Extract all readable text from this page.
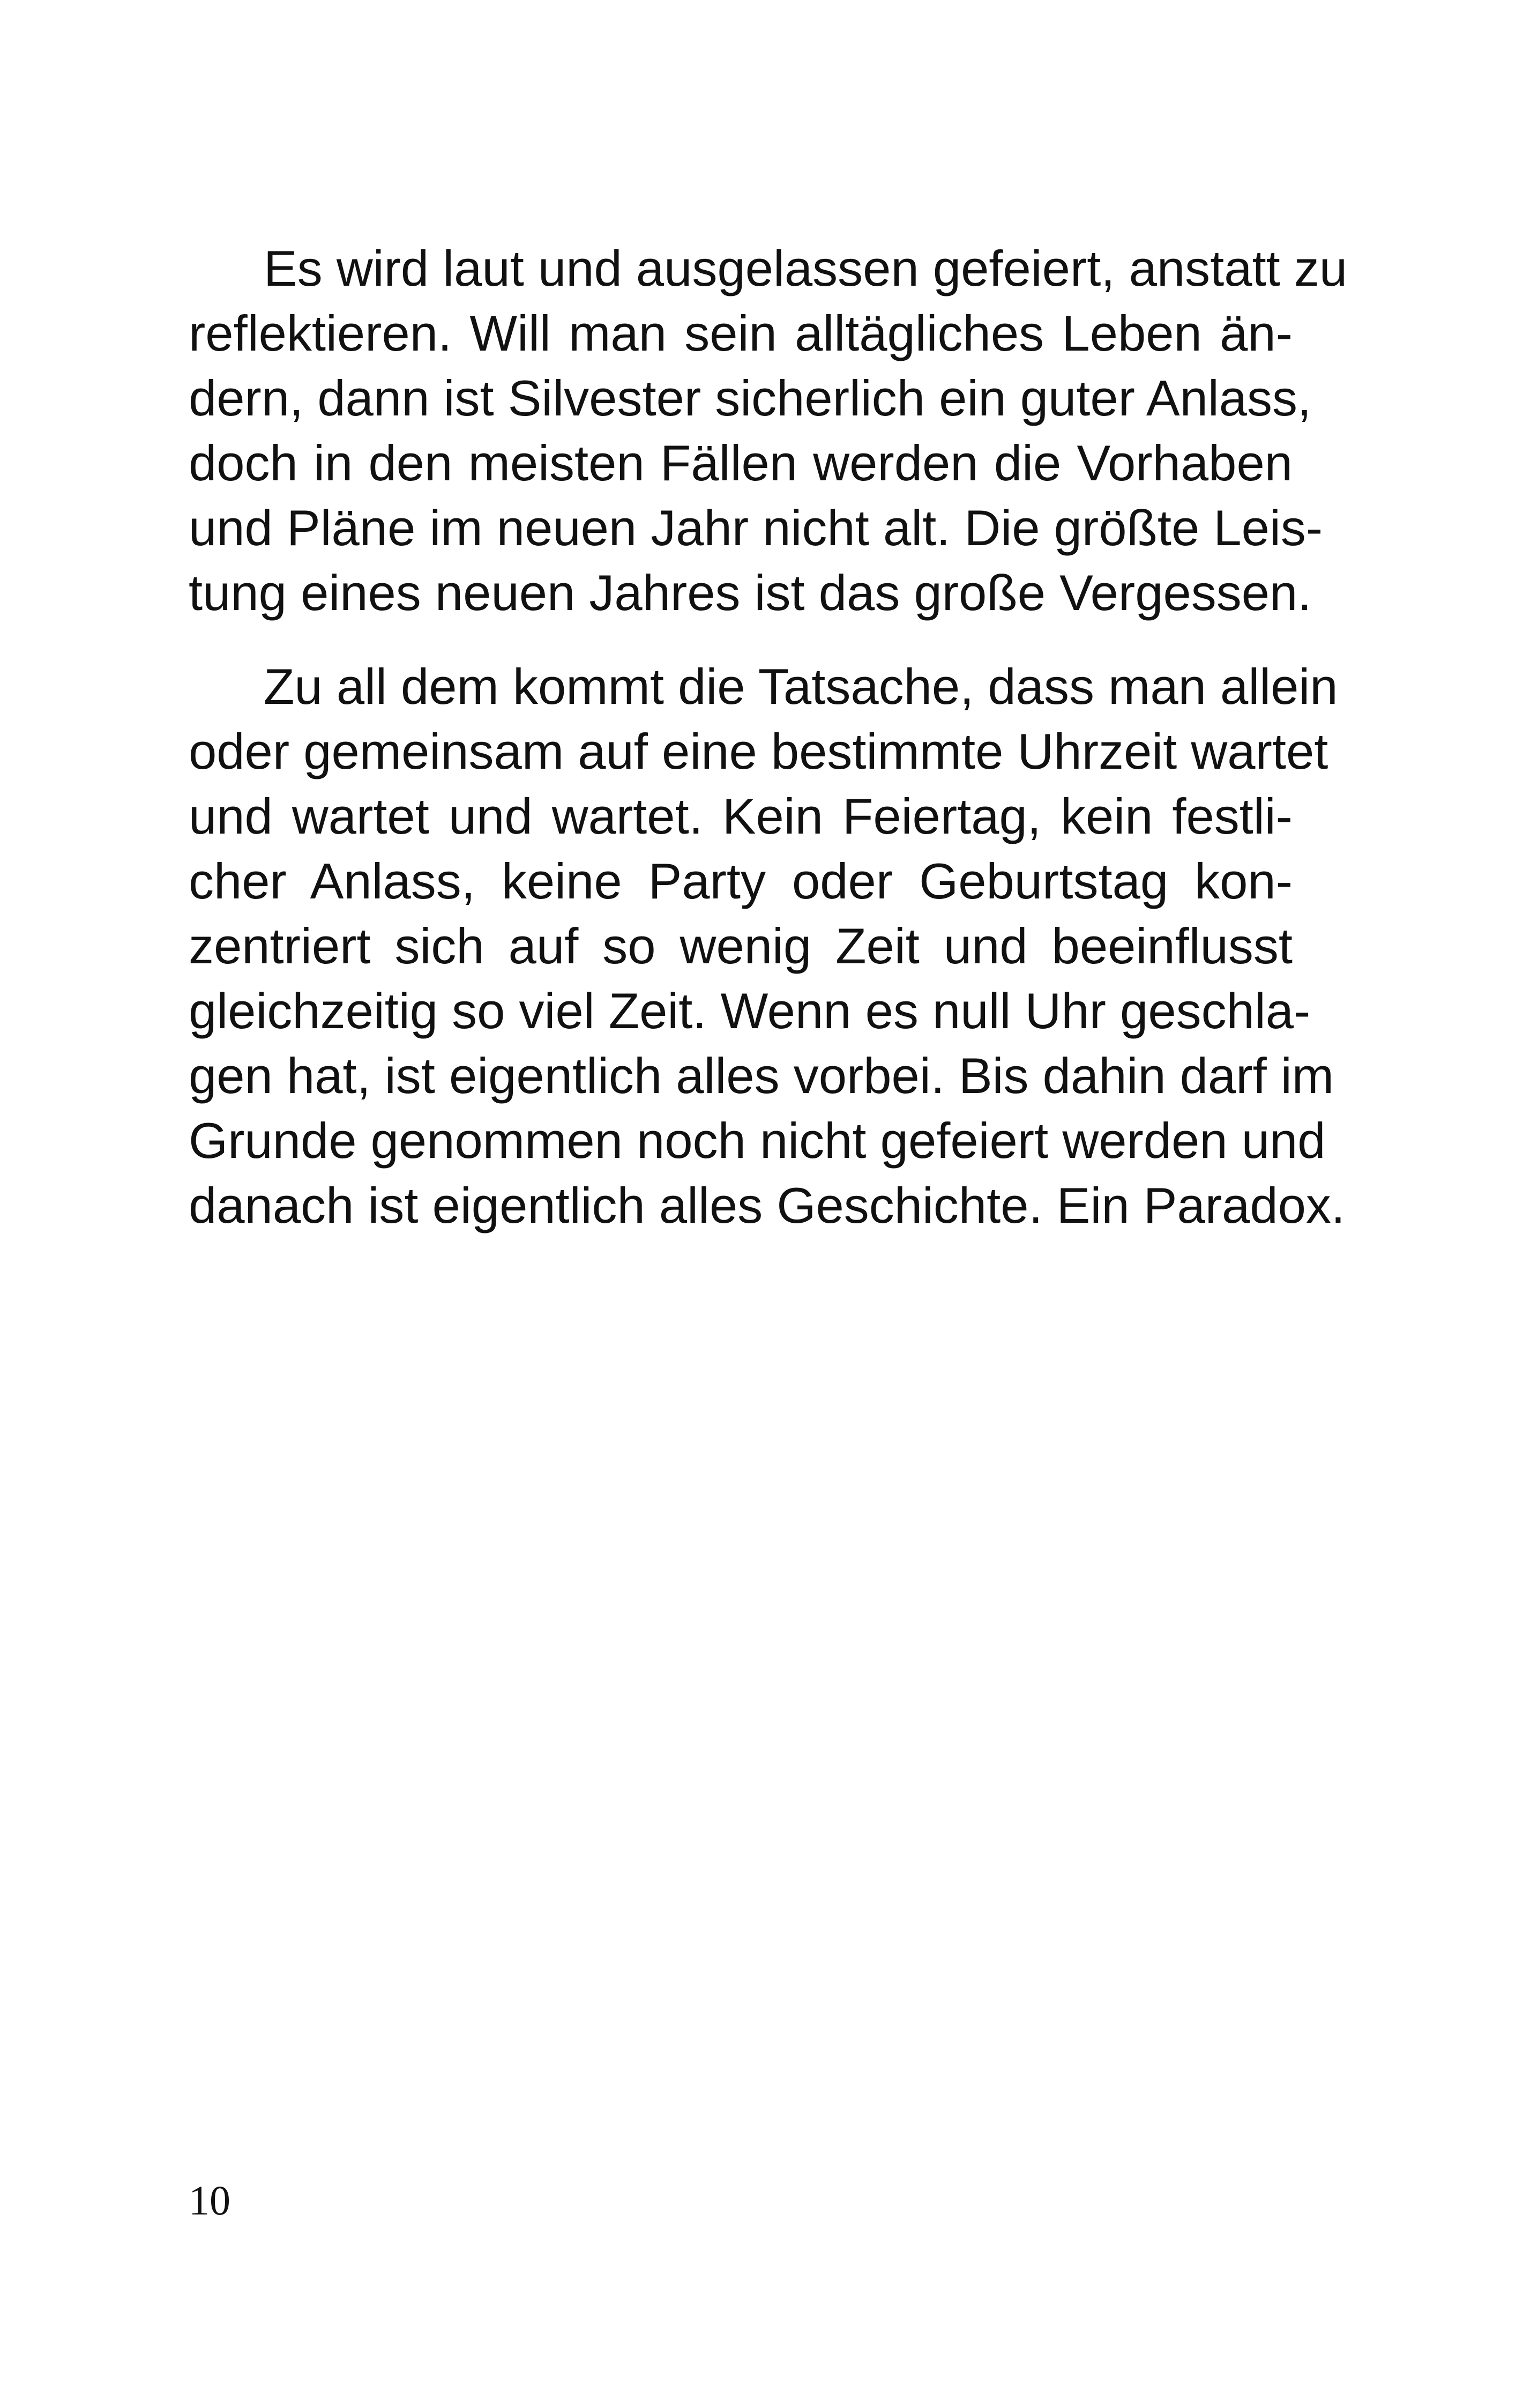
Es wird laut und ausgelassen gefeiert, anstatt zu
reflektieren. Will man sein alltägliches Leben än-
dern, dann ist Silvester sicherlich ein guter Anlass,
doch in den meisten Fällen werden die Vorhaben
und Pläne im neuen Jahr nicht alt. Die größte Leis-
tung eines neuen Jahres ist das große Vergessen.
Zu all dem kommt die Tatsache, dass man allein
oder gemeinsam auf eine bestimmte Uhrzeit wartet
und wartet und wartet. Kein Feiertag, kein festli-
cher Anlass, keine Party oder Geburtstag kon-
zentriert sich auf so wenig Zeit und beeinflusst
gleichzeitig so viel Zeit. Wenn es null Uhr geschla-
gen hat, ist eigentlich alles vorbei. Bis dahin darf im
Grunde genommen noch nicht gefeiert werden und
danach ist eigentlich alles Geschichte. Ein Paradox.
10
